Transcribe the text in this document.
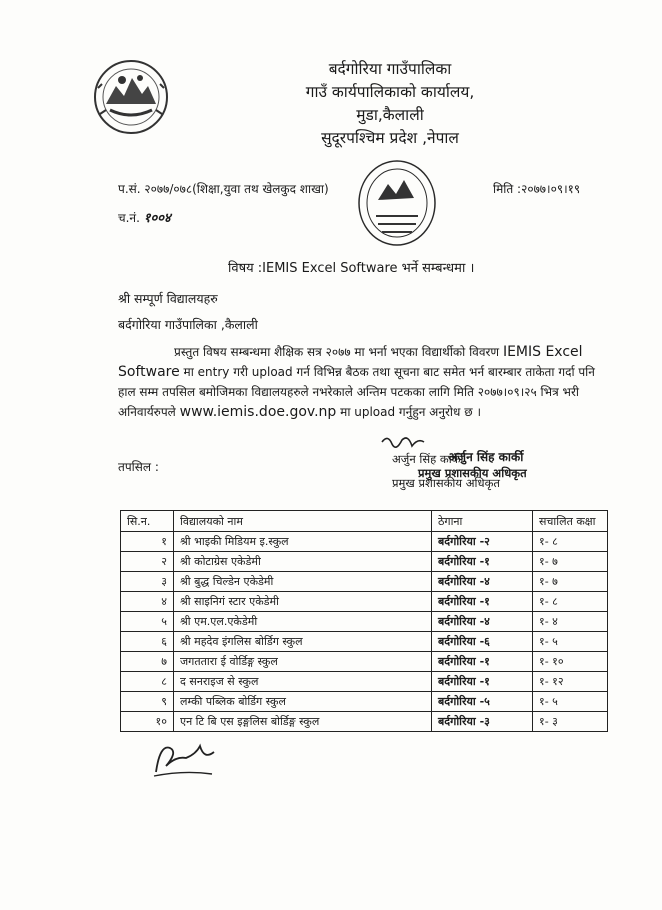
बर्दगोरिया गाउँपालिका
गाउँ कार्यपालिकाको कार्यालय,
मुडा,कैलाली
सुदूरपश्चिम प्रदेश ,नेपाल
प.सं. २०७७/०७८(शिक्षा,युवा तथ खेलकुद शाखा)	मिति :२०७७।०९।१९
च.नं. १००४
विषय :IEMIS Excel Software भर्ने सम्बन्धमा ।
श्री सम्पूर्ण विद्यालयहरु
बर्दगोरिया गाउँपालिका ,कैलाली
प्रस्तुत विषय सम्बन्धमा शैक्षिक सत्र २०७७ मा भर्ना भएका विद्यार्थीको विवरण IEMIS Excel Software मा entry गरी upload गर्न विभिन्न बैठक तथा सूचना बाट समेत भर्न बारम्बार ताकेता गर्दा पनि हाल सम्म तपसिल बमोजिमका विद्यालयहरुले नभरेकाले अन्तिम पटकका लागि मिति २०७७।०९।२५ भित्र भरी अनिवार्यरुपले www.iemis.doe.gov.np मा upload गर्नुहुन अनुरोध छ ।
तपसिल :
अर्जुन सिंह कार्की
अर्जुन सिंह कार्की
प्रमुख प्रशासकीय अधिकृत
प्रमुख प्रशासकीय अधिकृत
सि.न.	विद्यालयको नाम	ठेगाना	सचालित कक्षा
१	श्री भाइकी मिडियम इ.स्कुल	बर्दगोरिया -२	१- ८
२	श्री कोटाग्रेस एकेडेमी	बर्दगोरिया -१	१- ७
३	श्री बुद्ध चिल्डेन एकेडेमी	बर्दगोरिया -४	१- ७
४	श्री साइनिगं स्टार एकेडेमी	बर्दगोरिया -१	१- ८
५	श्री एम.एल.एकेडेमी	बर्दगोरिया -४	१- ४
६	श्री महदेव इंगलिस बोर्डिग स्कुल	बर्दगोरिया -६	१- ५
७	जगततारा ई वोर्डिङ्ग स्कुल	बर्दगोरिया -१	१- १०
८	द सनराइज से स्कुल	बर्दगोरिया -१	१- १२
९	लम्की पब्लिक बोर्डिग स्कुल	बर्दगोरिया -५	१- ५
१०	एन टि बि एस इङ्गलिस बोर्डिङ्ग स्कुल	बर्दगोरिया -३	१- ३
